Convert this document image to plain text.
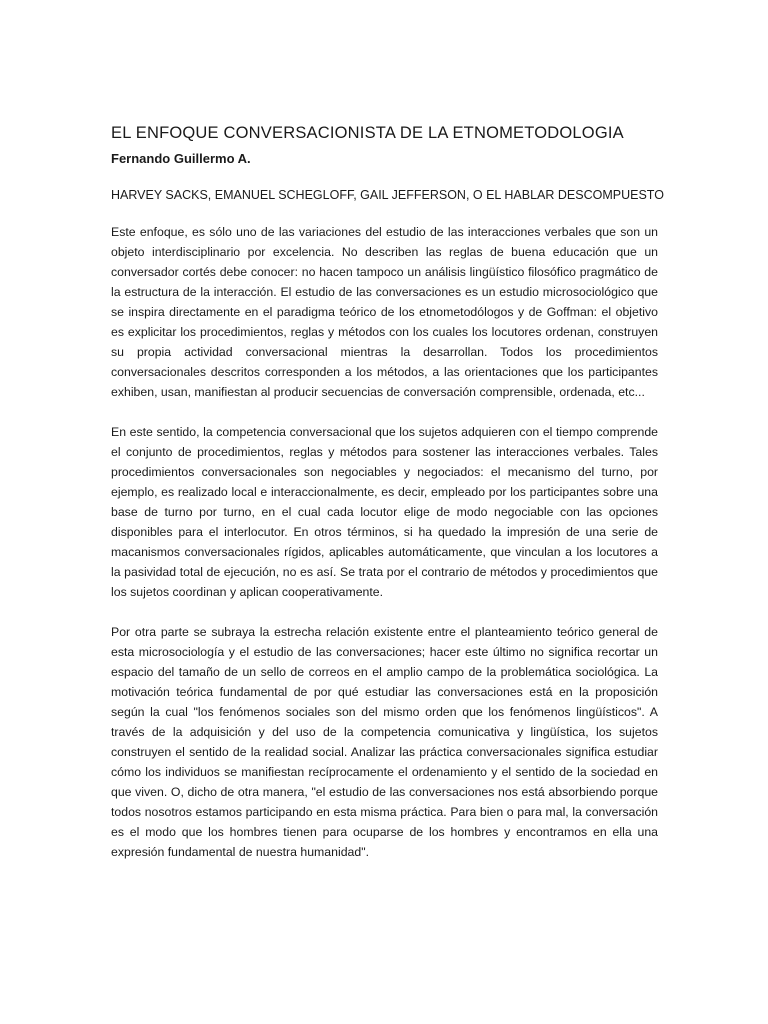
EL ENFOQUE CONVERSACIONISTA DE LA ETNOMETODOLOGIA
Fernando Guillermo A.
HARVEY SACKS, EMANUEL SCHEGLOFF, GAIL JEFFERSON, O EL HABLAR DESCOMPUESTO

Este enfoque, es sólo uno de las variaciones del estudio de las interacciones verbales que son un objeto interdisciplinario por excelencia. No describen las reglas de buena educación que un conversador cortés debe conocer: no hacen tampoco un análisis lingüístico filosófico pragmático de la estructura de la interacción. El estudio de las conversaciones es un estudio microsociológico que se inspira directamente en el paradigma teórico de los etnometodólogos y de Goffman: el objetivo es explicitar los procedimientos, reglas y métodos con los cuales los locutores ordenan, construyen su propia actividad conversacional mientras la desarrollan. Todos los procedimientos conversacionales descritos corresponden a los métodos, a las orientaciones que los participantes exhiben, usan, manifiestan al producir secuencias de conversación comprensible, ordenada, etc...

En este sentido, la competencia conversacional que los sujetos adquieren con el tiempo comprende el conjunto de procedimientos, reglas y métodos para sostener las interacciones verbales. Tales procedimientos conversacionales son negociables y negociados: el mecanismo del turno, por ejemplo, es realizado local e interaccionalmente, es decir, empleado por los participantes sobre una base de turno por turno, en el cual cada locutor elige de modo negociable con las opciones disponibles para el interlocutor. En otros términos, si ha quedado la impresión de una serie de macanismos conversacionales rígidos, aplicables automáticamente, que vinculan a los locutores a la pasividad total de ejecución, no es así. Se trata por el contrario de métodos y procedimientos que los sujetos coordinan y aplican cooperativamente.

Por otra parte se subraya la estrecha relación existente entre el planteamiento teórico general de esta microsociología y el estudio de las conversaciones; hacer este último no significa recortar un espacio del tamaño de un sello de correos en el amplio campo de la problemática sociológica. La motivación teórica fundamental de por qué estudiar las conversaciones está en la proposición según la cual "los fenómenos sociales son del mismo orden que los fenómenos lingüísticos". A través de la adquisición y del uso de la competencia comunicativa y lingüística, los sujetos construyen el sentido de la realidad social. Analizar las práctica conversacionales significa estudiar cómo los individuos se manifiestan recíprocamente el ordenamiento y el sentido de la sociedad en que viven. O, dicho de otra manera, "el estudio de las conversaciones nos está absorbiendo porque todos nosotros estamos participando en esta misma práctica. Para bien o para mal, la conversación es el modo que los hombres tienen para ocuparse de los hombres y encontramos en ella una expresión fundamental de nuestra humanidad".
